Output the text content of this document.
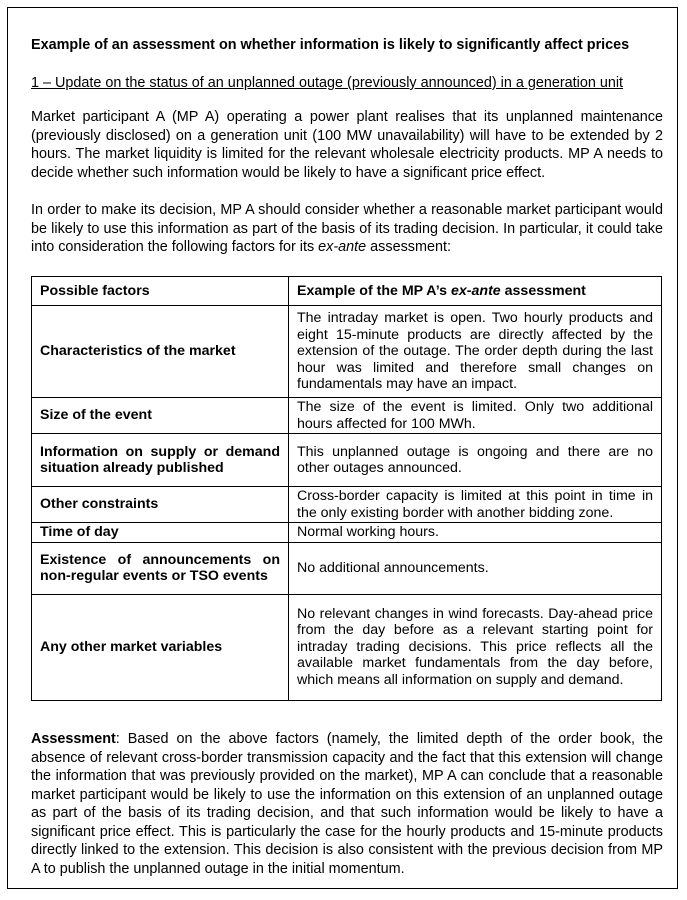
Example of an assessment on whether information is likely to significantly affect prices
1 – Update on the status of an unplanned outage (previously announced) in a generation unit

Market participant A (MP A) operating a power plant realises that its unplanned maintenance (previously disclosed) on a generation unit (100 MW unavailability) will have to be extended by 2 hours. The market liquidity is limited for the relevant wholesale electricity products. MP A needs to decide whether such information would be likely to have a significant price effect.

In order to make its decision, MP A should consider whether a reasonable market participant would be likely to use this information as part of the basis of its trading decision. In particular, it could take into consideration the following factors for its ex-ante assessment:

Possible factors	Example of the MP A’s ex-ante assessment
Characteristics of the market	The intraday market is open. Two hourly products and eight 15-minute products are directly affected by the extension of the outage. The order depth during the last hour was limited and therefore small changes on fundamentals may have an impact.
Size of the event	The size of the event is limited. Only two additional hours affected for 100 MWh.
Information on supply or demand situation already published	This unplanned outage is ongoing and there are no other outages announced.
Other constraints	Cross-border capacity is limited at this point in time in the only existing border with another bidding zone.
Time of day	Normal working hours.
Existence of announcements on non-regular events or TSO events	No additional announcements.
Any other market variables	No relevant changes in wind forecasts. Day-ahead price from the day before as a relevant starting point for intraday trading decisions. This price reflects all the available market fundamentals from the day before, which means all information on supply and demand.

Assessment: Based on the above factors (namely, the limited depth of the order book, the absence of relevant cross-border transmission capacity and the fact that this extension will change the information that was previously provided on the market), MP A can conclude that a reasonable market participant would be likely to use the information on this extension of an unplanned outage as part of the basis of its trading decision, and that such information would be likely to have a significant price effect. This is particularly the case for the hourly products and 15-minute products directly linked to the extension. This decision is also consistent with the previous decision from MP A to publish the unplanned outage in the initial momentum.
